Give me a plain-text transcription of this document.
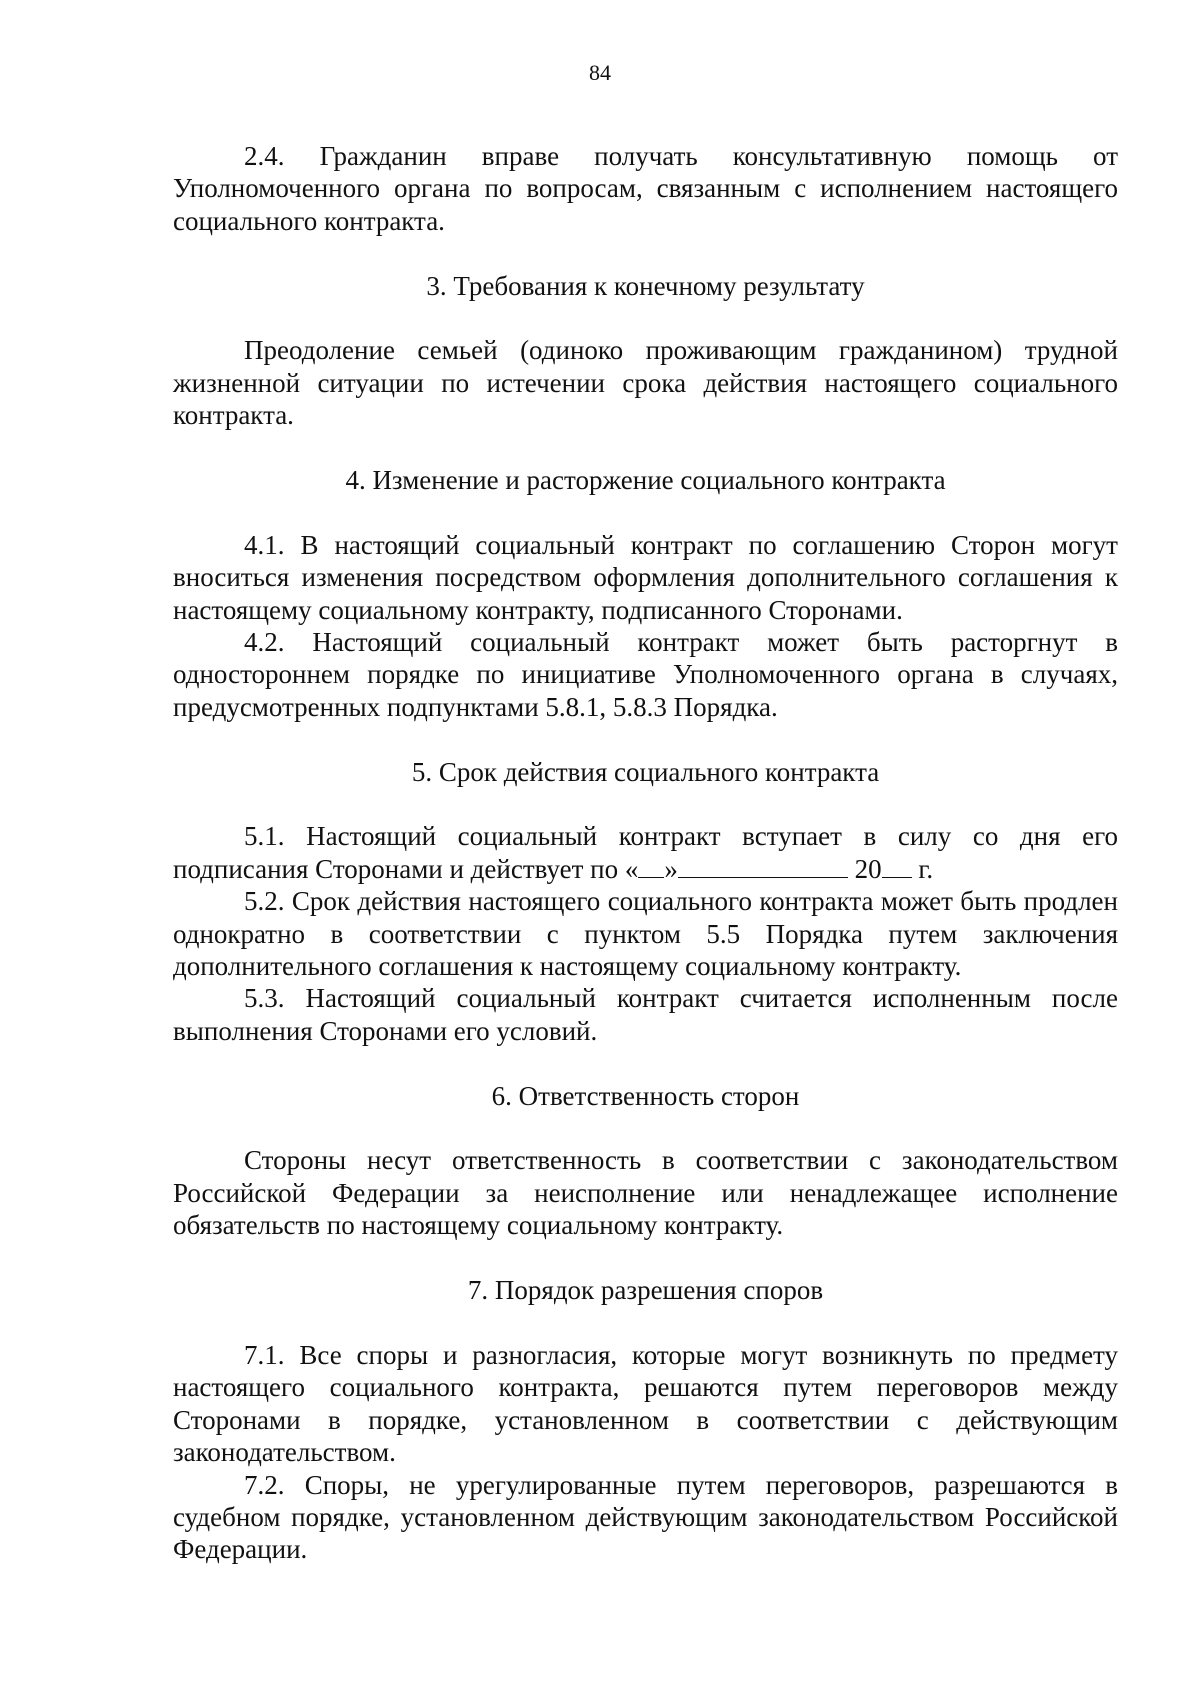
84

2.4. Гражданин вправе получать консультативную помощь от Уполномоченного органа по вопросам, связанным с исполнением настоящего социального контракта.

3. Требования к конечному результату

Преодоление семьей (одиноко проживающим гражданином) трудной жизненной ситуации по истечении срока действия настоящего социального контракта.

4. Изменение и расторжение социального контракта

4.1. В настоящий социальный контракт по соглашению Сторон могут вноситься изменения посредством оформления дополнительного соглашения к настоящему социальному контракту, подписанного Сторонами.

4.2. Настоящий социальный контракт может быть расторгнут в одностороннем порядке по инициативе Уполномоченного органа в случаях, предусмотренных подпунктами 5.8.1, 5.8.3 Порядка.

5. Срок действия социального контракта

5.1. Настоящий социальный контракт вступает в силу со дня его подписания Сторонами и действует по « »	20 г.

5.2. Срок действия настоящего социального контракта может быть продлен однократно в соответствии с пунктом 5.5 Порядка путем заключения дополнительного соглашения к настоящему социальному контракту.

5.3. Настоящий социальный контракт считается исполненным после выполнения Сторонами его условий.

6. Ответственность сторон

Стороны несут ответственность в соответствии с законодательством Российской Федерации за неисполнение или ненадлежащее исполнение обязательств по настоящему социальному контракту.

7. Порядок разрешения споров

7.1. Все споры и разногласия, которые могут возникнуть по предмету настоящего социального контракта, решаются путем переговоров между Сторонами в порядке, установленном в соответствии с действующим законодательством.

7.2. Споры, не урегулированные путем переговоров, разрешаются в судебном порядке, установленном действующим законодательством Российской Федерации.
